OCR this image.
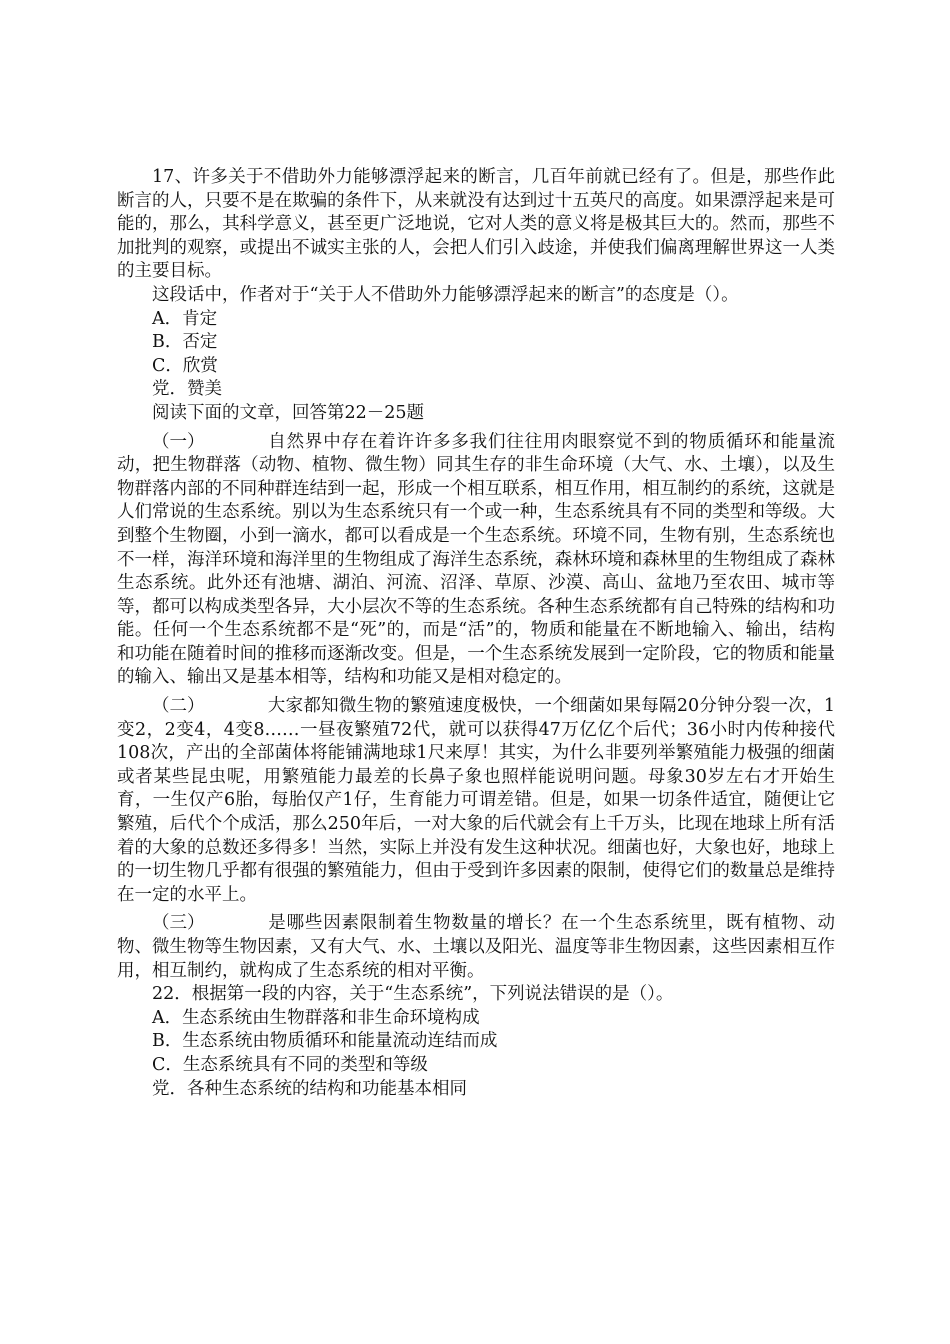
17、许多关于不借助外力能够漂浮起来的断言，几百年前就已经有了。但是，那些作此断言的人，只要不是在欺骗的条件下，从来就没有达到过十五英尺的高度。如果漂浮起来是可能的，那么，其科学意义，甚至更广泛地说，它对人类的意义将是极其巨大的。然而，那些不加批判的观察，或提出不诚实主张的人，会把人们引入歧途，并使我们偏离理解世界这一人类的主要目标。

这段话中，作者对于“关于人不借助外力能够漂浮起来的断言”的态度是（）。

A．肯定

B．否定

C．欣赏

党．赞美

阅读下面的文章，回答第22－25题

（一）	自然界中存在着许许多多我们往往用肉眼察觉不到的物质循环和能量流动，把生物群落（动物、植物、微生物）同其生存的非生命环境（大气、水、土壤），以及生物群落内部的不同种群连结到一起，形成一个相互联系，相互作用，相互制约的系统，这就是人们常说的生态系统。别以为生态系统只有一个或一种，生态系统具有不同的类型和等级。大到整个生物圈，小到一滴水，都可以看成是一个生态系统。环境不同，生物有别，生态系统也不一样，海洋环境和海洋里的生物组成了海洋生态系统，森林环境和森林里的生物组成了森林生态系统。此外还有池塘、湖泊、河流、沼泽、草原、沙漠、高山、盆地乃至农田、城市等等，都可以构成类型各异，大小层次不等的生态系统。各种生态系统都有自己特殊的结构和功能。任何一个生态系统都不是“死”的，而是“活”的，物质和能量在不断地输入、输出，结构和功能在随着时间的推移而逐渐改变。但是，一个生态系统发展到一定阶段，它的物质和能量的输入、输出又是基本相等，结构和功能又是相对稳定的。

（二）	大家都知微生物的繁殖速度极快，一个细菌如果每隔20分钟分裂一次，1变2，2变4，4变8……一昼夜繁殖72代，就可以获得47万亿亿个后代；36小时内传种接代108次，产出的全部菌体将能铺满地球1尺来厚！其实，为什么非要列举繁殖能力极强的细菌或者某些昆虫呢，用繁殖能力最差的长鼻子象也照样能说明问题。母象30岁左右才开始生育，一生仅产6胎，每胎仅产1仔，生育能力可谓差错。但是，如果一切条件适宜，随便让它繁殖，后代个个成活，那么250年后，一对大象的后代就会有上千万头，比现在地球上所有活着的大象的总数还多得多！当然，实际上并没有发生这种状况。细菌也好，大象也好，地球上的一切生物几乎都有很强的繁殖能力，但由于受到许多因素的限制，使得它们的数量总是维持在一定的水平上。

（三）	是哪些因素限制着生物数量的增长？在一个生态系统里，既有植物、动物、微生物等生物因素，又有大气、水、土壤以及阳光、温度等非生物因素，这些因素相互作用，相互制约，就构成了生态系统的相对平衡。

22．根据第一段的内容，关于“生态系统”，下列说法错误的是（）。

A．生态系统由生物群落和非生命环境构成

B．生态系统由物质循环和能量流动连结而成

C．生态系统具有不同的类型和等级

党．各种生态系统的结构和功能基本相同
